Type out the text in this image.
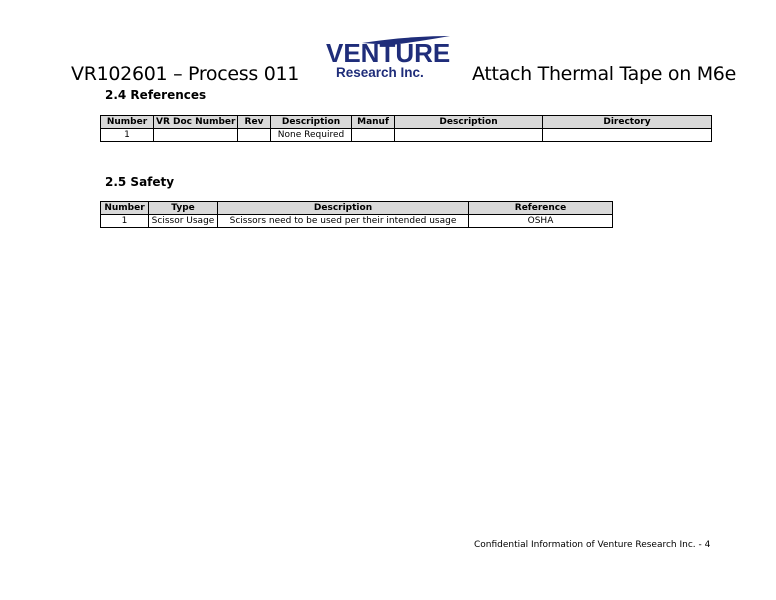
VR102601 – Process 011
VENTURE
Research Inc.	Attach Thermal Tape on M6e
2.4 References
Number	VR Doc Number	Rev	Description	Manuf	Description	Directory
1			None Required			
2.5 Safety
Number	Type	Description	Reference
1	Scissor Usage	Scissors need to be used per their intended usage	OSHA
Confidential Information of Venture Research Inc. - 4
